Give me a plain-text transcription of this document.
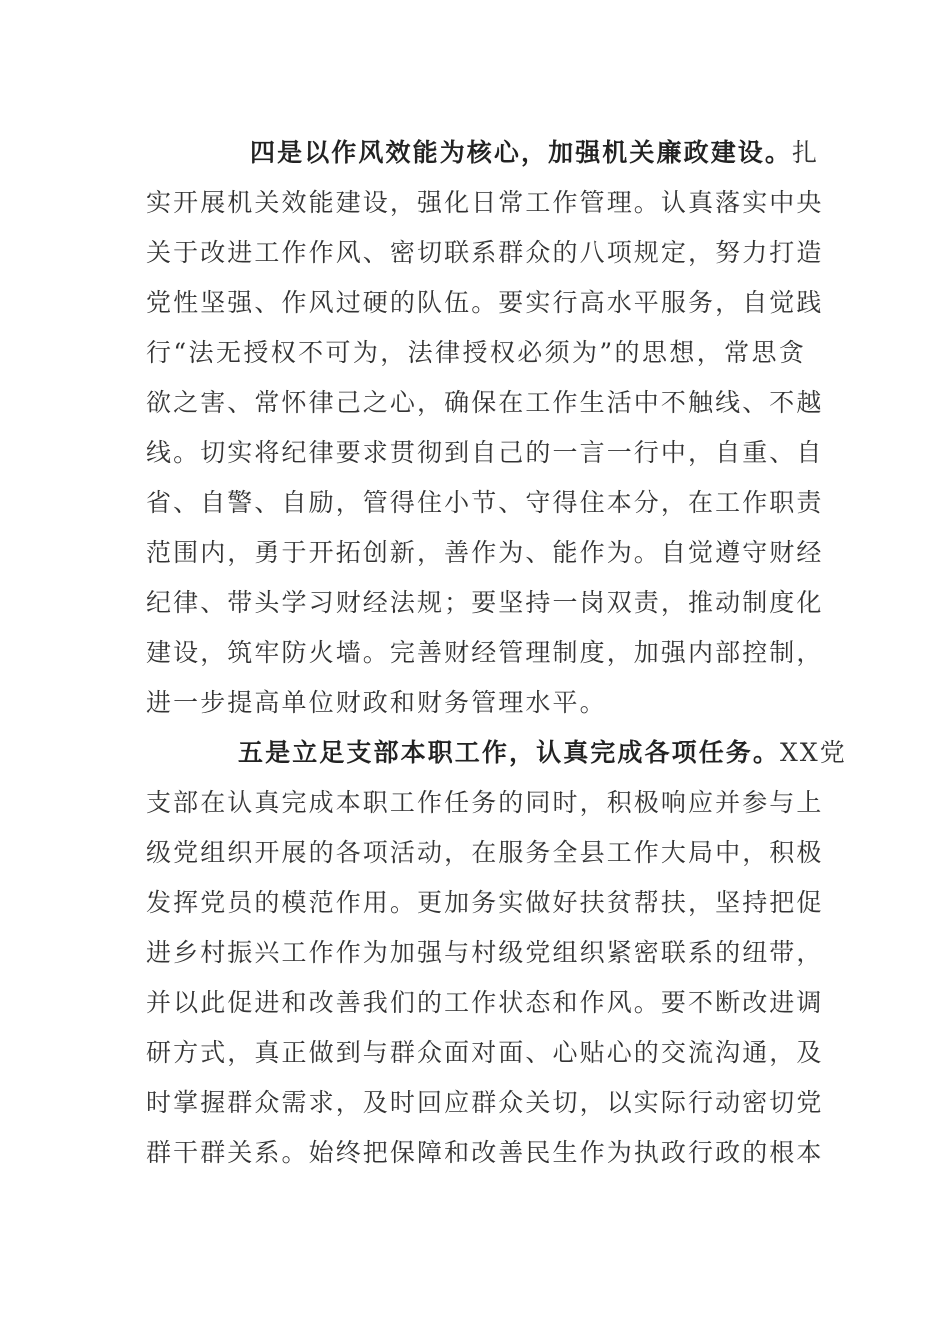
四是以作风效能为核心，加强机关廉政建设。扎
实开展机关效能建设，强化日常工作管理。认真落实中央
关于改进工作作风、密切联系群众的八项规定，努力打造
党性坚强、作风过硬的队伍。要实行高水平服务，自觉践
行“法无授权不可为，法律授权必须为”的思想，常思贪
欲之害、常怀律己之心，确保在工作生活中不触线、不越
线。切实将纪律要求贯彻到自己的一言一行中，自重、自
省、自警、自励，管得住小节、守得住本分，在工作职责
范围内，勇于开拓创新，善作为、能作为。自觉遵守财经
纪律、带头学习财经法规；要坚持一岗双责，推动制度化
建设，筑牢防火墙。完善财经管理制度，加强内部控制，
进一步提高单位财政和财务管理水平。
五是立足支部本职工作，认真完成各项任务。XX党
支部在认真完成本职工作任务的同时，积极响应并参与上
级党组织开展的各项活动，在服务全县工作大局中，积极
发挥党员的模范作用。更加务实做好扶贫帮扶，坚持把促
进乡村振兴工作作为加强与村级党组织紧密联系的纽带，
并以此促进和改善我们的工作状态和作风。要不断改进调
研方式，真正做到与群众面对面、心贴心的交流沟通，及
时掌握群众需求，及时回应群众关切，以实际行动密切党
群干群关系。始终把保障和改善民生作为执政行政的根本
